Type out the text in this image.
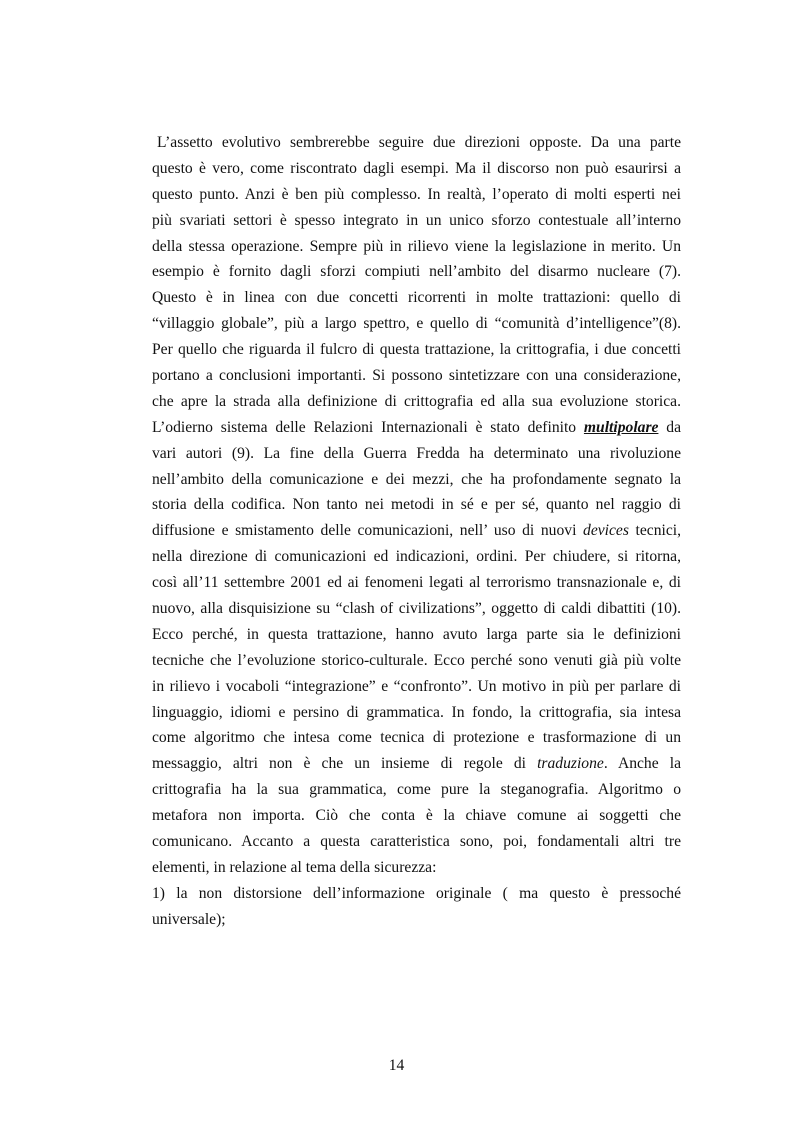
L’assetto evolutivo sembrerebbe seguire due direzioni opposte. Da una parte
questo è vero, come riscontrato dagli esempi. Ma il discorso non può esaurirsi a
questo punto. Anzi è ben più complesso. In realtà, l’operato di molti esperti nei
più svariati settori è spesso integrato in un unico sforzo contestuale all’interno
della stessa operazione. Sempre più in rilievo viene la legislazione in merito. Un
esempio è fornito dagli sforzi compiuti nell’ambito del disarmo nucleare (7).
Questo è in linea con due concetti ricorrenti in molte trattazioni: quello di
“villaggio globale”, più a largo spettro, e quello di “comunità d’intelligence”(8).
Per quello che riguarda il fulcro di questa trattazione, la crittografia, i due concetti
portano a conclusioni importanti. Si possono sintetizzare con una considerazione,
che apre la strada alla definizione di crittografia ed alla sua evoluzione storica.
L’odierno sistema delle Relazioni Internazionali è stato definito multipolare da
vari autori (9). La fine della Guerra Fredda ha determinato una rivoluzione
nell’ambito della comunicazione e dei mezzi, che ha profondamente segnato la
storia della codifica. Non tanto nei metodi in sé e per sé, quanto nel raggio di
diffusione e smistamento delle comunicazioni, nell’ uso di nuovi devices tecnici,
nella direzione di comunicazioni ed indicazioni, ordini. Per chiudere, si ritorna,
così all’11 settembre 2001 ed ai fenomeni legati al terrorismo transnazionale e, di
nuovo, alla disquisizione su “clash of civilizations”, oggetto di caldi dibattiti (10).
Ecco perché, in questa trattazione, hanno avuto larga parte sia le definizioni
tecniche che l’evoluzione storico-culturale. Ecco perché sono venuti già più volte
in rilievo i vocaboli “integrazione” e “confronto”. Un motivo in più per parlare di
linguaggio, idiomi e persino di grammatica. In fondo, la crittografia, sia intesa
come algoritmo che intesa come tecnica di protezione e trasformazione di un
messaggio, altri non è che un insieme di regole di traduzione. Anche la
crittografia ha la sua grammatica, come pure la steganografia. Algoritmo o
metafora non importa. Ciò che conta è la chiave comune ai soggetti che
comunicano. Accanto a questa caratteristica sono, poi, fondamentali altri tre
elementi, in relazione al tema della sicurezza:
1) la non distorsione dell’informazione originale ( ma questo è pressoché
universale);
14
